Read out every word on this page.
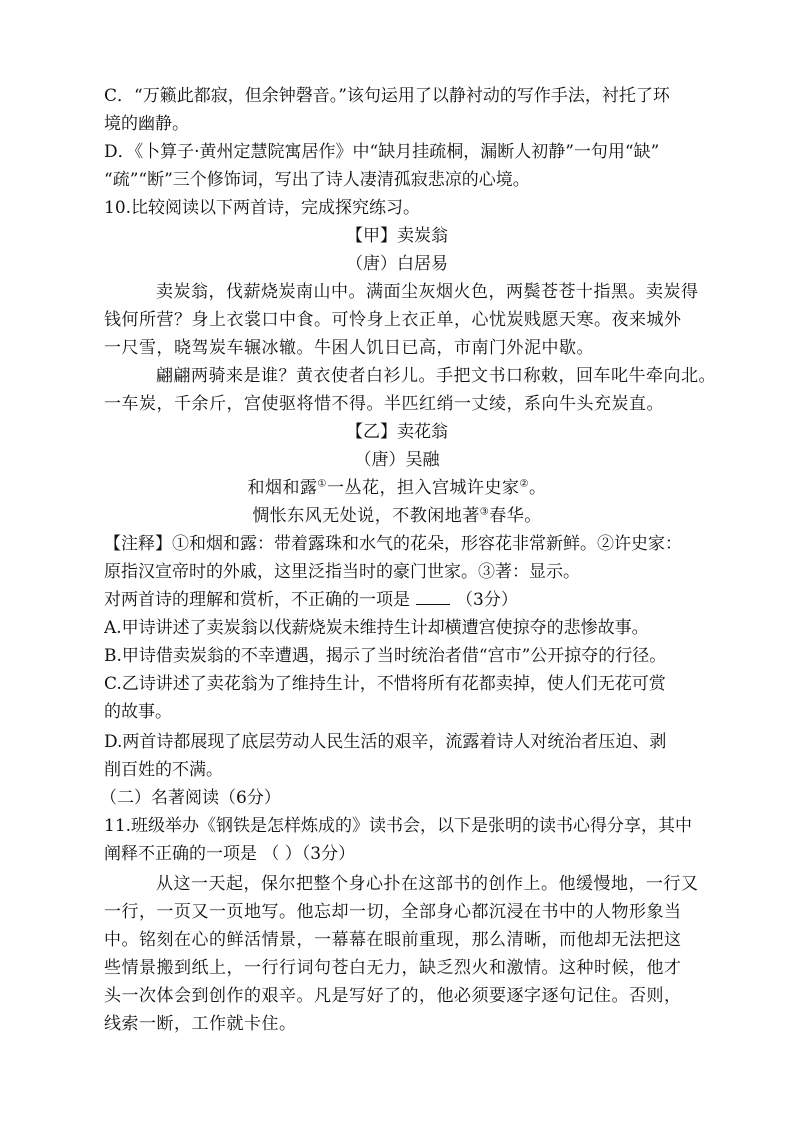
C．“万籁此都寂，但余钟磬音。”该句运用了以静衬动的写作手法，衬托了环
境的幽静。
D．《卜算子·黄州定慧院寓居作》中“缺月挂疏桐，漏断人初静”一句用“缺”
“疏”“断”三个修饰词，写出了诗人凄清孤寂悲凉的心境。
10.比较阅读以下两首诗，完成探究练习。
【甲】卖炭翁
（唐）白居易
卖炭翁，伐薪烧炭南山中。满面尘灰烟火色，两鬓苍苍十指黑。卖炭得
钱何所营？身上衣裳口中食。可怜身上衣正单，心忧炭贱愿天寒。夜来城外
一尺雪，晓驾炭车辗冰辙。牛困人饥日已高，市南门外泥中歇。
翩翩两骑来是谁？黄衣使者白衫儿。手把文书口称敕，回车叱牛牵向北。
一车炭，千余斤，宫使驱将惜不得。半匹红绡一丈绫，系向牛头充炭直。
【乙】卖花翁
（唐）吴融
和烟和露①一丛花，担入宫城许史家②。
惆怅东风无处说，不教闲地著③春华。
【注释】①和烟和露：带着露珠和水气的花朵，形容花非常新鲜。②许史家：
原指汉宣帝时的外戚，这里泛指当时的豪门世家。③著：显示。
对两首诗的理解和赏析，不正确的一项是	（3分）
A.甲诗讲述了卖炭翁以伐薪烧炭未维持生计却横遭宫使掠夺的悲惨故事。
B.甲诗借卖炭翁的不幸遭遇，揭示了当时统治者借“宫市”公开掠夺的行径。
C.乙诗讲述了卖花翁为了维持生计，不惜将所有花都卖掉，使人们无花可赏
的故事。
D.两首诗都展现了底层劳动人民生活的艰辛，流露着诗人对统治者压迫、剥
削百姓的不满。
（二）名著阅读（6分）
11.班级举办《钢铁是怎样炼成的》读书会，以下是张明的读书心得分享，其中
阐释不正确的一项是 （ ）（3分）
从这一天起，保尔把整个身心扑在这部书的创作上。他缓慢地，一行又
一行，一页又一页地写。他忘却一切，全部身心都沉浸在书中的人物形象当
中。铭刻在心的鲜活情景，一幕幕在眼前重现，那么清晰，而他却无法把这
些情景搬到纸上，一行行词句苍白无力，缺乏烈火和激情。这种时候，他才
头一次体会到创作的艰辛。凡是写好了的，他必须要逐字逐句记住。否则，
线索一断，工作就卡住。
